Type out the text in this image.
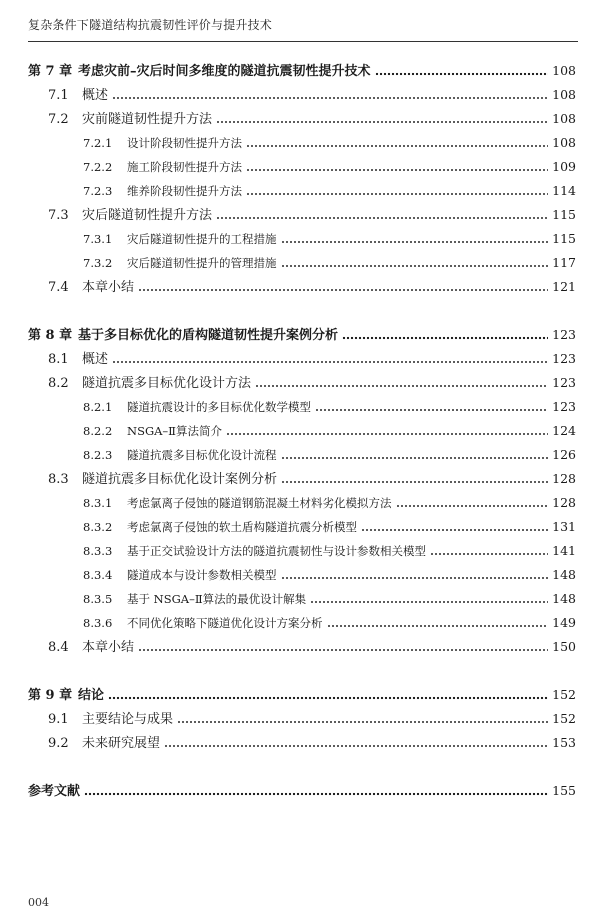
复杂条件下隧道结构抗震韧性评价与提升技术
第 7 章 考虑灾前–灾后时间多维度的隧道抗震韧性提升技术	108
7.1	概述	108
7.2	灾前隧道韧性提升方法	108
7.2.1	设计阶段韧性提升方法	108
7.2.2	施工阶段韧性提升方法	109
7.2.3	维养阶段韧性提升方法	114
7.3	灾后隧道韧性提升方法	115
7.3.1	灾后隧道韧性提升的工程措施	115
7.3.2	灾后隧道韧性提升的管理措施	117
7.4	本章小结	121
第 8 章 基于多目标优化的盾构隧道韧性提升案例分析	123
8.1	概述	123
8.2	隧道抗震多目标优化设计方法	123
8.2.1	隧道抗震设计的多目标优化数学模型	123
8.2.2	NSGA–Ⅱ算法简介	124
8.2.3	隧道抗震多目标优化设计流程	126
8.3	隧道抗震多目标优化设计案例分析	128
8.3.1	考虑氯离子侵蚀的隧道钢筋混凝土材料劣化模拟方法	128
8.3.2	考虑氯离子侵蚀的软土盾构隧道抗震分析模型	131
8.3.3	基于正交试验设计方法的隧道抗震韧性与设计参数相关模型	141
8.3.4	隧道成本与设计参数相关模型	148
8.3.5	基于 NSGA–Ⅱ算法的最优设计解集	148
8.3.6	不同优化策略下隧道优化设计方案分析	149
8.4	本章小结	150
第 9 章 结论	152
9.1	主要结论与成果	152
9.2	未来研究展望	153
参考文献	155
004
